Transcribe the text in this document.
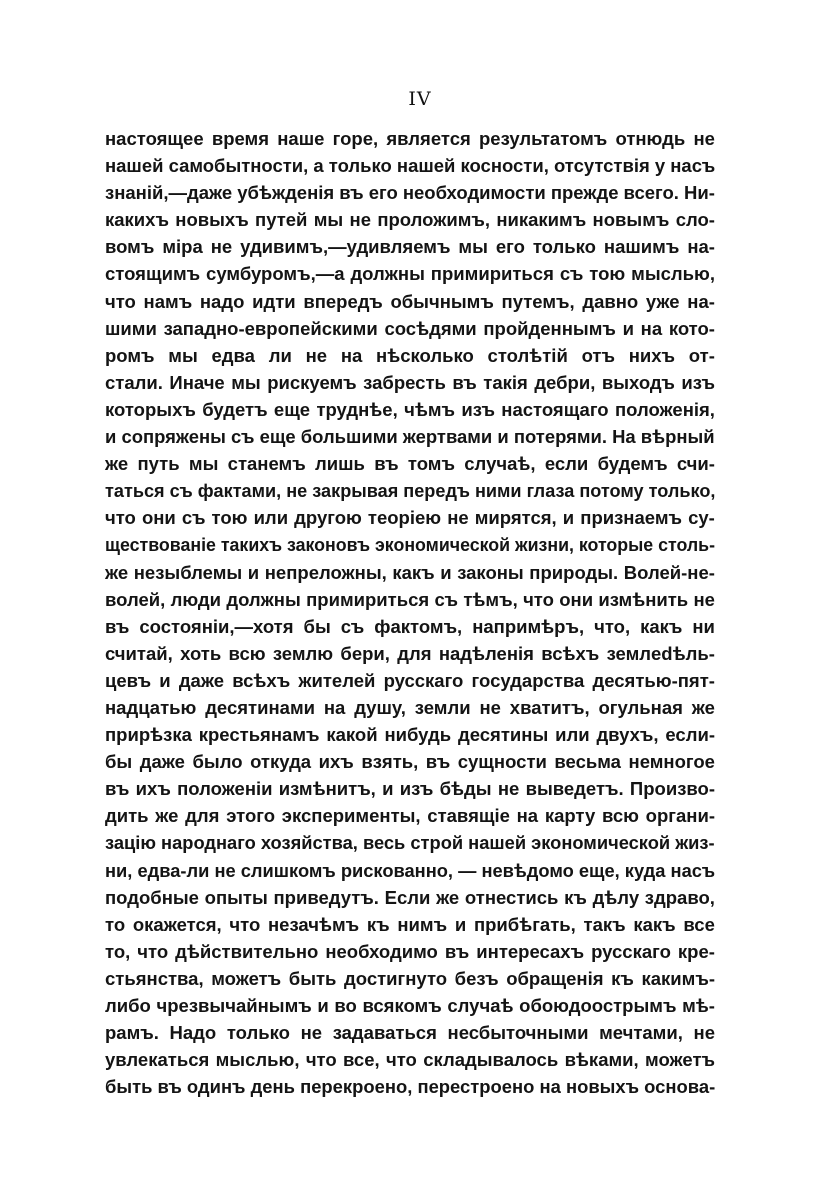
IV
настоящее время наше горе, является результатомъ отнюдь не
нашей самобытности, а только нашей косности, отсутствія у насъ
знаній,—даже убѣжденія въ его необходимости прежде всего. Ни-
какихъ новыхъ путей мы не проложимъ, никакимъ новымъ сло-
вомъ міра не удивимъ,—удивляемъ мы его только нашимъ на-
стоящимъ сумбуромъ,—а должны примириться съ тою мыслью,
что намъ надо идти впередъ обычнымъ путемъ, давно уже на-
шими западно-европейскими сосѣдями пройденнымъ и на кото-
ромъ мы едва ли не на нѣсколько столѣтій отъ нихъ от-
стали. Иначе мы рискуемъ забресть въ такія дебри, выходъ изъ
которыхъ будетъ еще труднѣе, чѣмъ изъ настоящаго положенія,
и сопряжены съ еще большими жертвами и потерями. На вѣрный
же путь мы станемъ лишь въ томъ случаѣ, если будемъ счи-
таться съ фактами, не закрывая передъ ними глаза потому только,
что они съ тою или другою теоріею не мирятся, и признаемъ су-
ществованіе такихъ законовъ экономической жизни, которые столь-
же незыблемы и непреложны, какъ и законы природы. Волей-не-
волей, люди должны примириться съ тѣмъ, что они измѣнить не
въ состояніи,—хотя бы съ фактомъ, напримѣръ, что, какъ ни
считай, хоть всю землю бери, для надѣленія всѣхъ землedѣль-
цевъ и даже всѣхъ жителей русскаго государства десятью-пят-
надцатью десятинами на душу, земли не хватитъ, огульная же
прирѣзка крестьянамъ какой нибудь десятины или двухъ, если-
бы даже было откуда ихъ взять, въ сущности весьма немногое
въ ихъ положеніи измѣнитъ, и изъ бѣды не выведетъ. Произво-
дить же для этого эксперименты, ставящіе на карту всю органи-
зацію народнаго хозяйства, весь строй нашей экономической жиз-
ни, едва-ли не слишкомъ рискованно, — невѣдомо еще, куда насъ
подобные опыты приведутъ. Если же отнестись къ дѣлу здраво,
то окажется, что незачѣмъ къ нимъ и прибѣгать, такъ какъ все
то, что дѣйствительно необходимо въ интересахъ русскаго кре-
стьянства, можетъ быть достигнуто безъ обращенія къ какимъ-
либо чрезвычайнымъ и во всякомъ случаѣ обоюдоострымъ мѣ-
рамъ. Надо только не задаваться несбыточными мечтами, не
увлекаться мыслью, что все, что складывалось вѣками, можетъ
быть въ одинъ день перекроено, перестроено на новыхъ основа-
